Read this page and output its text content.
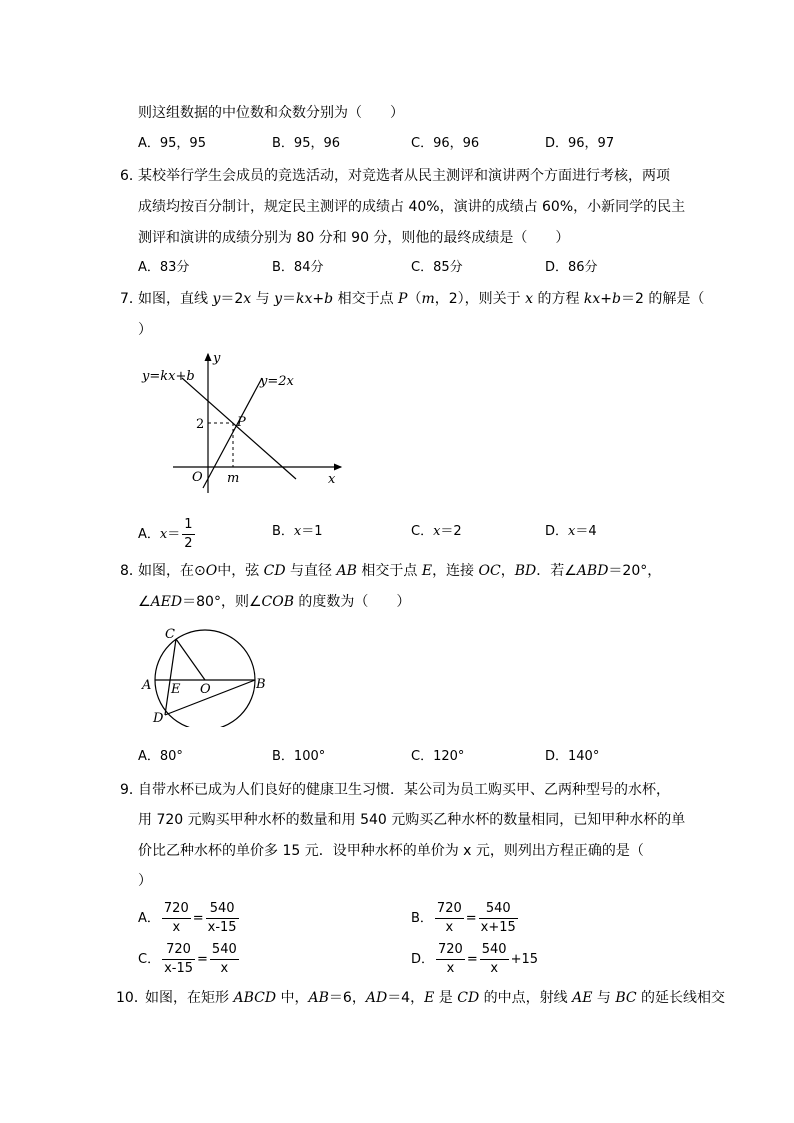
则这组数据的中位数和众数分别为（　　）
A．95，95	B．95，96	C．96，96	D．96，97
6．
某校举行学生会成员的竞选活动，对竞选者从民主测评和演讲两个方面进行考核，两项
成绩均按百分制计，规定民主测评的成绩占 40%，演讲的成绩占 60%，小新同学的民主
测评和演讲的成绩分别为 80 分和 90 分，则他的最终成绩是（　　）
A．83分	B．84分	C．85分	D．86分
7．
如图，直线 y＝2x 与 y＝kx+b 相交于点 P（m，2），则关于 x 的方程 kx+b＝2 的解是（
）
y=kx+b	y=2x
y
x
O m
2	P
A．$x= \frac{1}{2}$	B．x＝1	C．x＝2	D．x＝4
8．
如图，在⊙O中，弦 CD 与直径 AB 相交于点 E，连接 OC，BD．若∠ABD＝20°，
∠AED＝80°，则∠COB 的度数为（　　）
C
A E O	B
D
A．80°	B．100°	C．120°	D．140°
9．
自带水杯已成为人们良好的健康卫生习惯．某公司为员工购买甲、乙两种型号的水杯，
用 720 元购买甲种水杯的数量和用 540 元购买乙种水杯的数量相同，已知甲种水杯的单
价比乙种水杯的单价多 15 元．设甲种水杯的单价为 x 元，则列出方程正确的是（
）
A． $\frac{720}{x} = \frac{540}{x-15}$	B． $\frac{720}{x} = \frac{540}{x+15}$
C． $\frac{720}{x-15} = \frac{540}{x}$	D． $\frac{720}{x} = \frac{540}{x} +15$
10．
如图，在矩形 ABCD 中，AB＝6，AD＝4，E 是 CD 的中点，射线 AE 与 BC 的延长线相交
